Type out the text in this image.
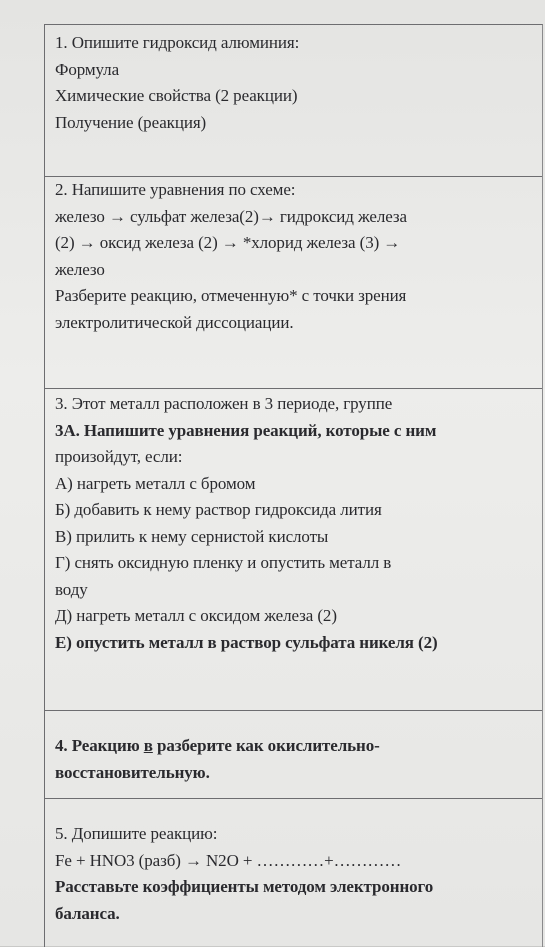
1. Опишите гидроксид алюминия:
Формула
Химические свойства (2 реакции)
Получение (реакция)
2. Напишите уравнения по схеме:
железо → сульфат железа(2)→ гидроксид железа
(2) → оксид железа (2) → *хлорид железа (3) →
железо
Разберите реакцию, отмеченную* с точки зрения
электролитической диссоциации.
3. Этот металл расположен в 3 периоде, группе
3А. Напишите уравнения реакций, которые с ним
произойдут, если:
А) нагреть металл с бромом
Б) добавить к нему раствор гидроксида лития
В) прилить к нему сернистой кислоты
Г) снять оксидную пленку и опустить металл в
воду
Д) нагреть металл с оксидом железа (2)
Е) опустить металл в раствор сульфата никеля (2)
4. Реакцию в разберите как окислительно-
восстановительную.
5. Допишите реакцию:
Fe + HNO3 (разб) → N2O + …………+…………
Расставьте коэффициенты методом электронного
баланса.
